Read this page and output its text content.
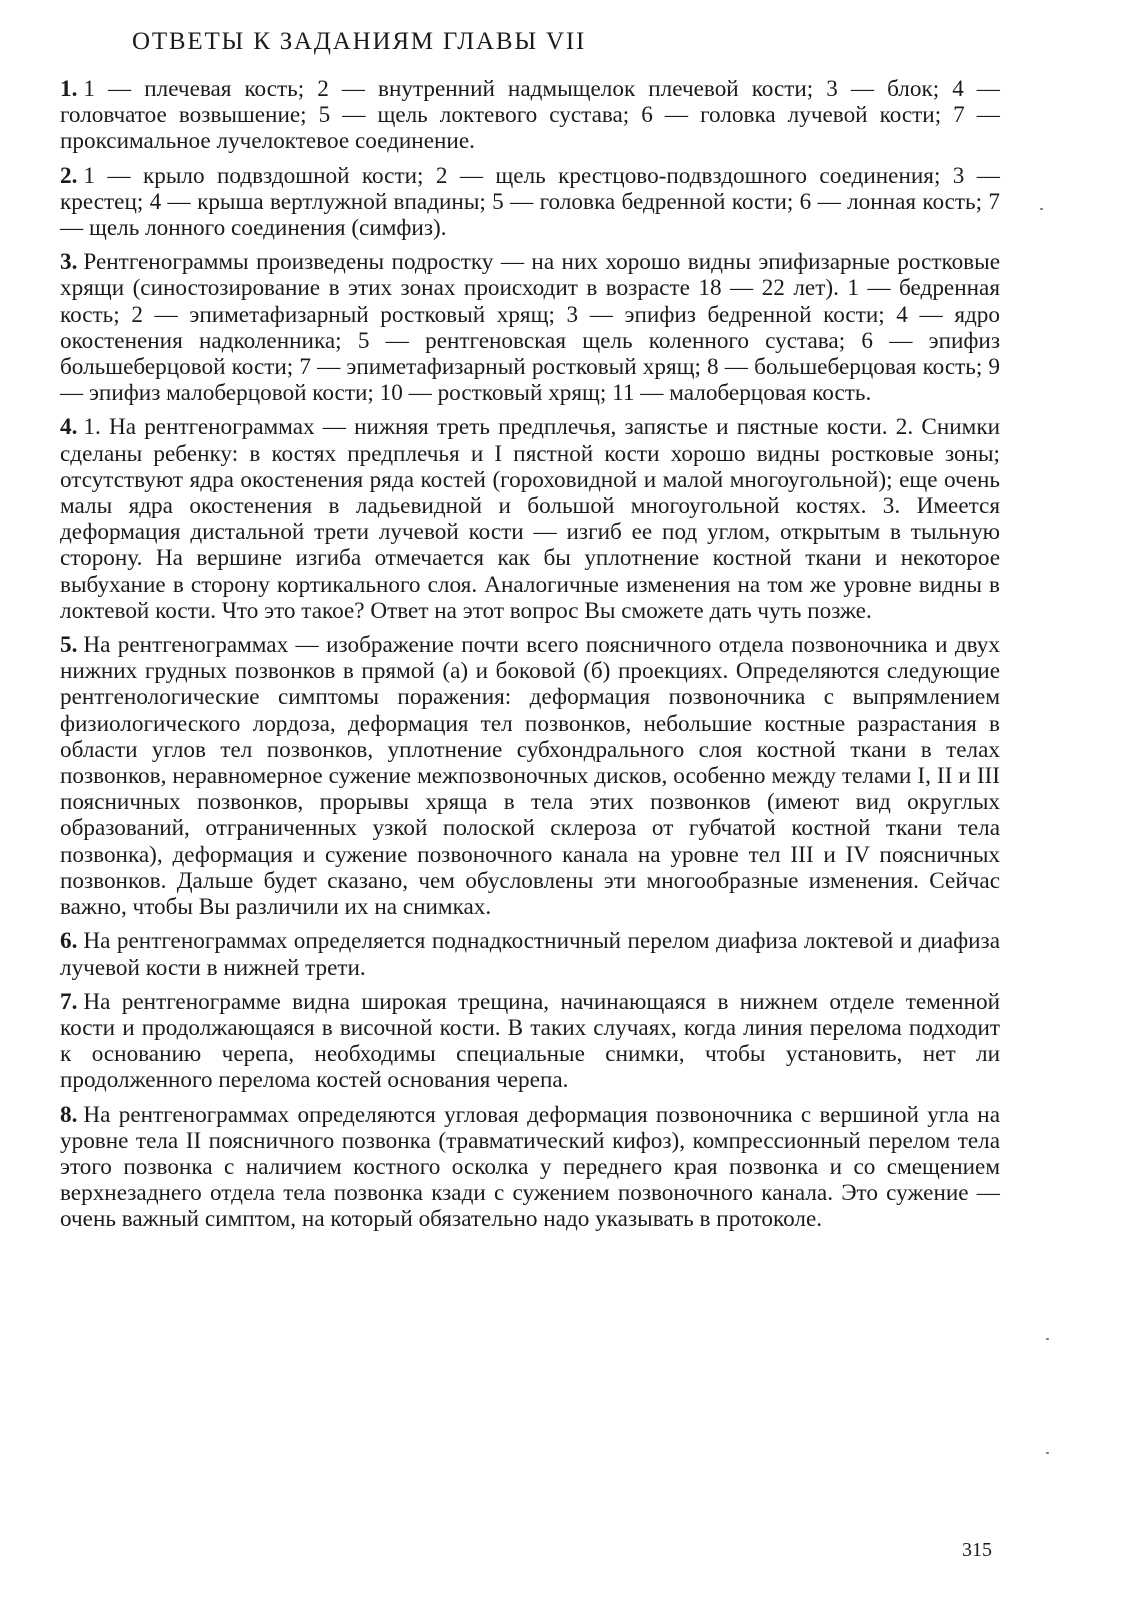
ОТВЕТЫ К ЗАДАНИЯМ ГЛАВЫ VII

1. 1 — плечевая кость; 2 — внутренний надмыщелок плечевой кости; 3 — блок; 4 — головчатое возвышение; 5 — щель локтевого сустава; 6 — головка лучевой кости; 7 — проксимальное лучелоктевое соединение.

2. 1 — крыло подвздошной кости; 2 — щель крестцово-подвздошного соединения; 3 — крестец; 4 — крыша вертлужной впадины; 5 — головка бедренной кости; 6 — лонная кость; 7 — щель лонного соединения (симфиз).

3. Рентгенограммы произведены подростку — на них хорошо видны эпифизарные ростковые хрящи (синостозирование в этих зонах происходит в возрасте 18 — 22 лет). 1 — бедренная кость; 2 — эпиметафизарный ростковый хрящ; 3 — эпифиз бедренной кости; 4 — ядро окостенения надколенника; 5 — рентгеновская щель коленного сустава; 6 — эпифиз большеберцовой кости; 7 — эпиметафизарный ростковый хрящ; 8 — большеберцовая кость; 9 — эпифиз малоберцовой кости; 10 — ростковый хрящ; 11 — малоберцовая кость.

4. 1. На рентгенограммах — нижняя треть предплечья, запястье и пястные кости. 2. Снимки сделаны ребенку: в костях предплечья и I пястной кости хорошо видны ростковые зоны; отсутствуют ядра окостенения ряда костей (гороховидной и малой многоугольной); еще очень малы ядра окостенения в ладьевидной и большой многоугольной костях. 3. Имеется деформация дистальной трети лучевой кости — изгиб ее под углом, открытым в тыльную сторону. На вершине изгиба отмечается как бы уплотнение костной ткани и некоторое выбухание в сторону кортикального слоя. Аналогичные изменения на том же уровне видны в локтевой кости. Что это такое? Ответ на этот вопрос Вы сможете дать чуть позже.

5. На рентгенограммах — изображение почти всего поясничного отдела позвоночника и двух нижних грудных позвонков в прямой (а) и боковой (б) проекциях. Определяются следующие рентгенологические симптомы поражения: деформация позвоночника с выпрямлением физиологического лордоза, деформация тел позвонков, небольшие костные разрастания в области углов тел позвонков, уплотнение субхондрального слоя костной ткани в телах позвонков, неравномерное сужение межпозвоночных дисков, особенно между телами I, II и III поясничных позвонков, прорывы хряща в тела этих позвонков (имеют вид округлых образований, отграниченных узкой полоской склероза от губчатой костной ткани тела позвонка), деформация и сужение позвоночного канала на уровне тел III и IV поясничных позвонков. Дальше будет сказано, чем обусловлены эти многообразные изменения. Сейчас важно, чтобы Вы различили их на снимках.

6. На рентгенограммах определяется поднадкостничный перелом диафиза локтевой и диафиза лучевой кости в нижней трети.

7. На рентгенограмме видна широкая трещина, начинающаяся в нижнем отделе теменной кости и продолжающаяся в височной кости. В таких случаях, когда линия перелома подходит к основанию черепа, необходимы специальные снимки, чтобы установить, нет ли продолженного перелома костей основания черепа.

8. На рентгенограммах определяются угловая деформация позвоночника с вершиной угла на уровне тела II поясничного позвонка (травматический кифоз), компрессионный перелом тела этого позвонка с наличием костного осколка у переднего края позвонка и со смещением верхнезаднего отдела тела позвонка кзади с сужением позвоночного канала. Это сужение — очень важный симптом, на который обязательно надо указывать в протоколе.

315
